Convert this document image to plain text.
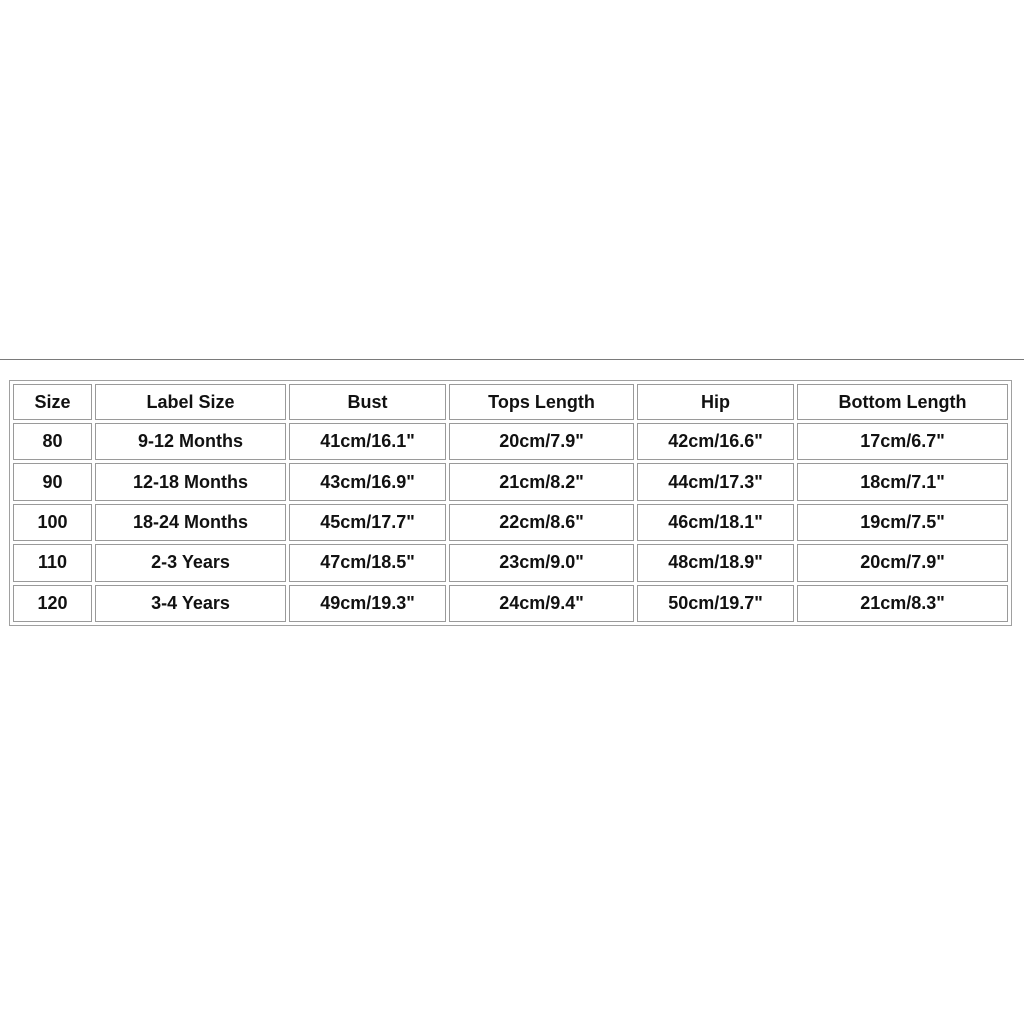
Size	Label Size	Bust	Tops Length	Hip	Bottom Length
80	9-12 Months	41cm/16.1"	20cm/7.9"	42cm/16.6"	17cm/6.7"
90	12-18 Months	43cm/16.9"	21cm/8.2"	44cm/17.3"	18cm/7.1"
100	18-24 Months	45cm/17.7"	22cm/8.6"	46cm/18.1"	19cm/7.5"
110	2-3 Years	47cm/18.5"	23cm/9.0"	48cm/18.9"	20cm/7.9"
120	3-4 Years	49cm/19.3"	24cm/9.4"	50cm/19.7"	21cm/8.3"
